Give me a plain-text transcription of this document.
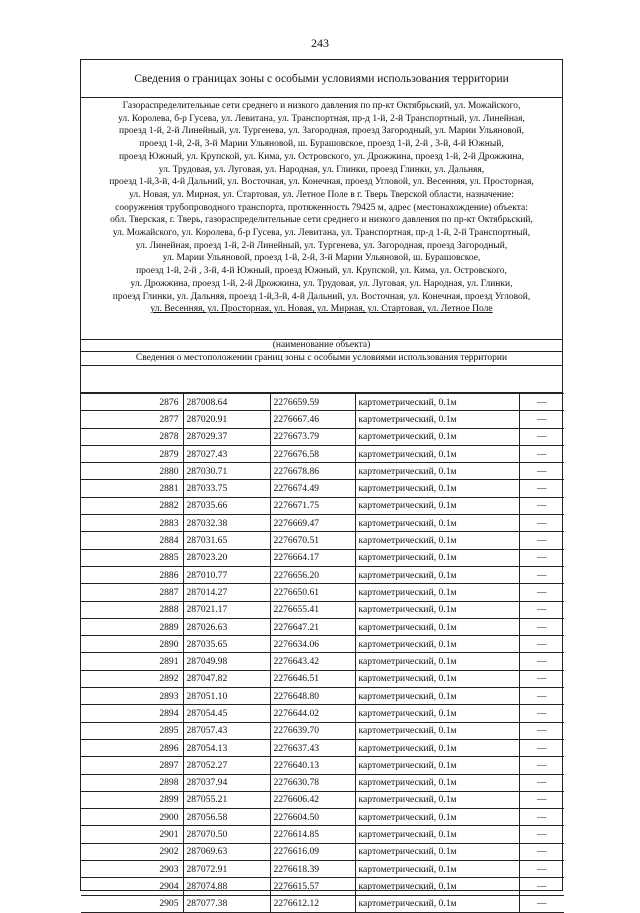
243
Сведения о границах зоны с особыми условиями использования территории
Газораспределительные сети среднего и низкого давления по пр-кт Октябрьский, ул. Можайского,
ул. Королева, б-р Гусева, ул. Левитана, ул. Транспортная, пр-д 1-й, 2-й Транспортный, ул. Линейная,
проезд 1-й, 2-й Линейный, ул. Тургенева, ул. Загородная, проезд Загородный, ул. Марии Ульяновой,
проезд 1-й, 2-й, 3-й Марии Ульяновой, ш. Бурашовское, проезд 1-й, 2-й , 3-й, 4-й Южный,
проезд Южный, ул. Крупской, ул. Кима, ул. Островского, ул. Дрожжина, проезд 1-й, 2-й Дрожжина,
ул. Трудовая, ул. Луговая, ул. Народная, ул. Глинки, проезд Глинки, ул. Дальняя,
проезд 1-й,3-й, 4-й Дальний, ул. Восточная, ул. Конечная, проезд Угловой, ул. Весенняя, ул. Просторная,
ул. Новая, ул. Мирная, ул. Стартовая, ул. Летное Поле в г. Тверь Тверской области, назначение:
сооружения трубопроводного транспорта, протяженность 79425 м, адрес (местонахождение) объекта:
обл. Тверская, г. Тверь, газораспределительные сети среднего и низкого давления по пр-кт Октябрьский,
ул. Можайского, ул. Королева, б-р Гусева, ул. Левитана, ул. Транспортная, пр-д 1-й, 2-й Транспортный,
ул. Линейная, проезд 1-й, 2-й Линейный, ул. Тургенева, ул. Загородная, проезд Загородный,
ул. Марии Ульяновой, проезд 1-й, 2-й, 3-й Марии Ульяновой, ш. Бурашовское,
проезд 1-й, 2-й , 3-й, 4-й Южный, проезд Южный, ул. Крупской, ул. Кима, ул. Островского,
ул. Дрожжина, проезд 1-й, 2-й Дрожжина, ул. Трудовая, ул. Луговая, ул. Народная, ул. Глинки,
проезд Глинки, ул. Дальняя, проезд 1-й,3-й, 4-й Дальний, ул. Восточная, ул. Конечная, проезд Угловой,
ул. Весенняя, ул. Просторная, ул. Новая, ул. Мирная, ул. Стартовая, ул. Летное Поле
(наименование объекта)
Сведения о местоположении границ зоны с особыми условиями использования территории
2876	287008.64	2276659.59	картометрический, 0.1м	—
2877	287020.91	2276667.46	картометрический, 0.1м	—
2878	287029.37	2276673.79	картометрический, 0.1м	—
2879	287027.43	2276676.58	картометрический, 0.1м	—
2880	287030.71	2276678.86	картометрический, 0.1м	—
2881	287033.75	2276674.49	картометрический, 0.1м	—
2882	287035.66	2276671.75	картометрический, 0.1м	—
2883	287032.38	2276669.47	картометрический, 0.1м	—
2884	287031.65	2276670.51	картометрический, 0.1м	—
2885	287023.20	2276664.17	картометрический, 0.1м	—
2886	287010.77	2276656.20	картометрический, 0.1м	—
2887	287014.27	2276650.61	картометрический, 0.1м	—
2888	287021.17	2276655.41	картометрический, 0.1м	—
2889	287026.63	2276647.21	картометрический, 0.1м	—
2890	287035.65	2276634.06	картометрический, 0.1м	—
2891	287049.98	2276643.42	картометрический, 0.1м	—
2892	287047.82	2276646.51	картометрический, 0.1м	—
2893	287051.10	2276648.80	картометрический, 0.1м	—
2894	287054.45	2276644.02	картометрический, 0.1м	—
2895	287057.43	2276639.70	картометрический, 0.1м	—
2896	287054.13	2276637.43	картометрический, 0.1м	—
2897	287052.27	2276640.13	картометрический, 0.1м	—
2898	287037.94	2276630.78	картометрический, 0.1м	—
2899	287055.21	2276606.42	картометрический, 0.1м	—
2900	287056.58	2276604.50	картометрический, 0.1м	—
2901	287070.50	2276614.85	картометрический, 0.1м	—
2902	287069.63	2276616.09	картометрический, 0.1м	—
2903	287072.91	2276618.39	картометрический, 0.1м	—
2904	287074.88	2276615.57	картометрический, 0.1м	—
2905	287077.38	2276612.12	картометрический, 0.1м	—
